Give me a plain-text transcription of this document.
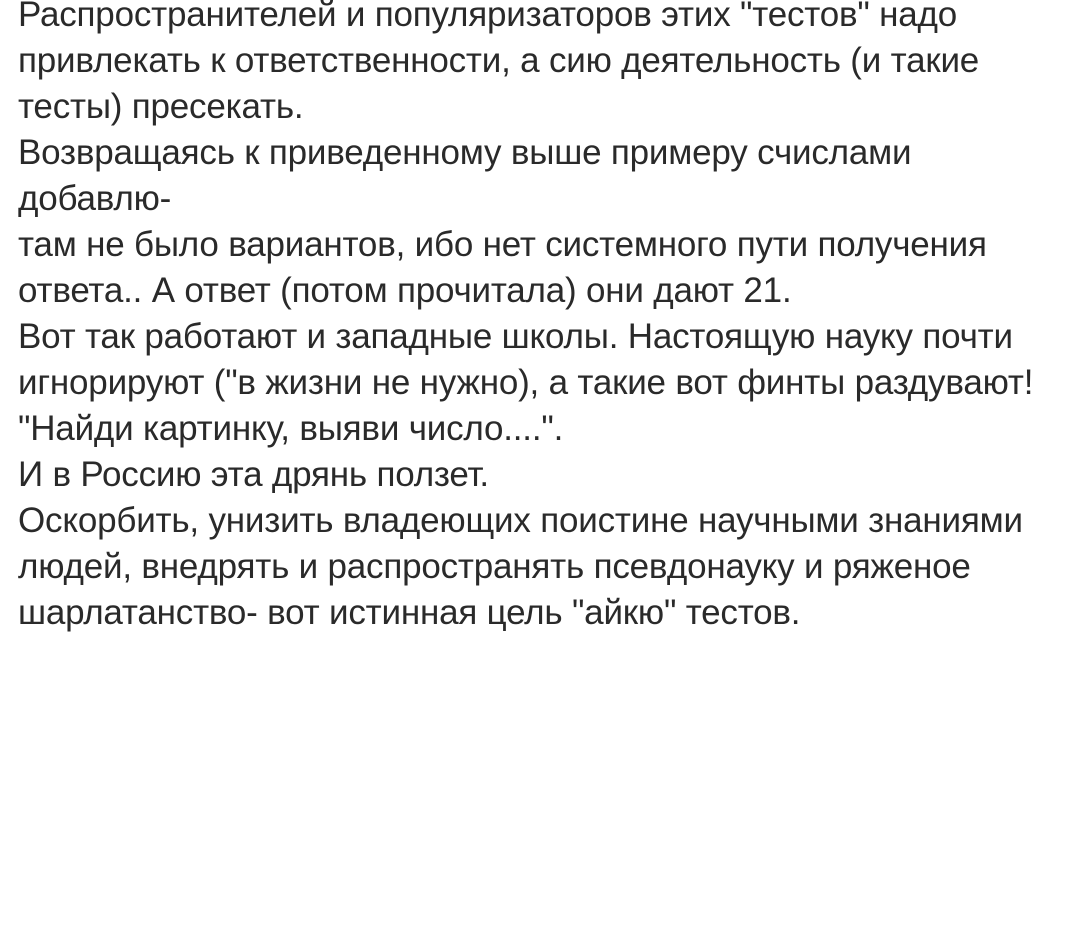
Распространителей и популяризаторов этих "тестов" надо привлекать к ответственности, а сию деятельность (и такие тесты) пресекать.

Возвращаясь к приведенному выше примеру счислами добавлю-

там не было вариантов, ибо нет системного пути получения ответа.. А ответ (потом прочитала) они дают 21.

Вот так работают и западные школы. Настоящую науку почти игнорируют ("в жизни не нужно), а такие вот финты раздувают! "Найди картинку, выяви число....".

И в Россию эта дрянь ползет.

Оскорбить, унизить владеющих поистине научными знаниями людей, внедрять и распространять псевдонауку и ряженое шарлатанство- вот истинная цель "айкю" тестов.
